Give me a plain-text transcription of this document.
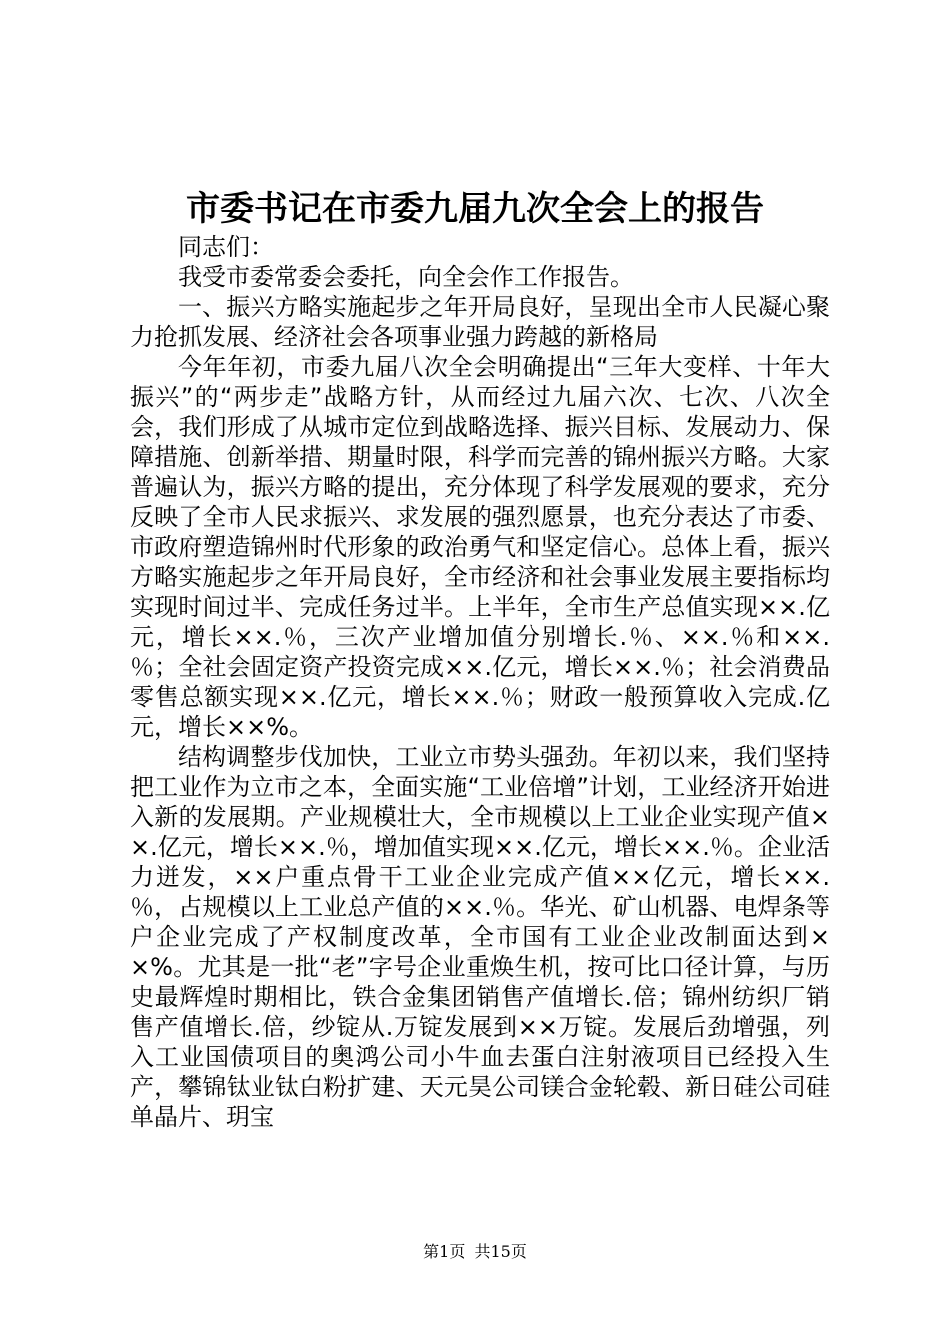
市委书记在市委九届九次全会上的报告

同志们：

我受市委常委会委托，向全会作工作报告。

一、振兴方略实施起步之年开局良好，呈现出全市人民凝心聚力抢抓发展、经济社会各项事业强力跨越的新格局

今年年初，市委九届八次全会明确提出“三年大变样、十年大振兴”的“两步走”战略方针，从而经过九届六次、七次、八次全会，我们形成了从城市定位到战略选择、振兴目标、发展动力、保障措施、创新举措、期量时限，科学而完善的锦州振兴方略。大家普遍认为，振兴方略的提出，充分体现了科学发展观的要求，充分反映了全市人民求振兴、求发展的强烈愿景，也充分表达了市委、市政府塑造锦州时代形象的政治勇气和坚定信心。总体上看，振兴方略实施起步之年开局良好，全市经济和社会事业发展主要指标均实现时间过半、完成任务过半。上半年，全市生产总值实现××.亿元，增长××.％，三次产业增加值分别增长.％、××.％和××.％；全社会固定资产投资完成××.亿元，增长××.％；社会消费品零售总额实现××.亿元，增长××.％；财政一般预算收入完成.亿元，增长××%。

结构调整步伐加快，工业立市势头强劲。年初以来，我们坚持把工业作为立市之本，全面实施“工业倍增”计划，工业经济开始进入新的发展期。产业规模壮大，全市规模以上工业企业实现产值××.亿元，增长××.％，增加值实现××.亿元，增长××.％。企业活力迸发，××户重点骨干工业企业完成产值××亿元，增长××.％，占规模以上工业总产值的××.％。华光、矿山机器、电焊条等户企业完成了产权制度改革，全市国有工业企业改制面达到××%。尤其是一批“老”字号企业重焕生机，按可比口径计算，与历史最辉煌时期相比，铁合金集团销售产值增长.倍；锦州纺织厂销售产值增长.倍，纱锭从.万锭发展到××万锭。发展后劲增强，列入工业国债项目的奥鸿公司小牛血去蛋白注射液项目已经投入生产，攀锦钛业钛白粉扩建、天元昊公司镁合金轮毂、新日硅公司硅单晶片、玥宝

第1页 共15页
